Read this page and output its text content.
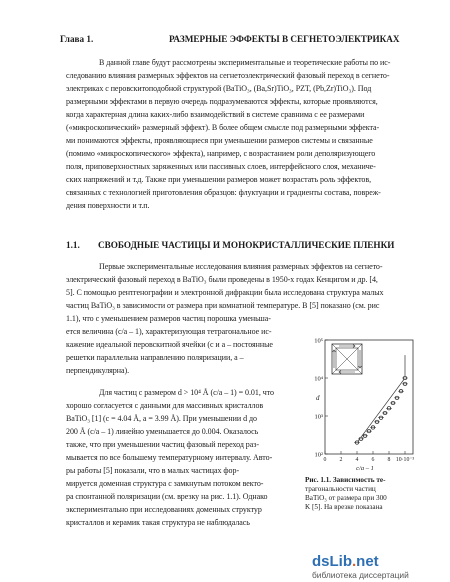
Глава 1.	РАЗМЕРНЫЕ ЭФФЕКТЫ В СЕГНЕТОЭЛЕКТРИКАХ
В данной главе будут рассмотрены экспериментальные и теоретические работы по ис-
следованию влияния размерных эффектов на сегнетоэлектрический фазовый переход в сегнето-
электриках с перовскитоподобной структурой (BaTiO₃, (Ba,Sr)TiO₃, PZT, (Pb,Zr)TiO₃). Под
размерными эффектами в первую очередь подразумеваются эффекты, которые проявляются,
когда характерная длина каких-либо взаимодействий в системе сравнима с ее размерами
(«микроскопический» размерный эффект). В более общем смысле под размерными эффекта-
ми понимаются эффекты, проявляющиеся при уменьшении размеров системы и связанные
(помимо «микроскопического» эффекта), например, с возрастанием роли деполяризующего
поля, приповерхностных заряженных или пассивных слоев, интерфейсного слоя, механиче-
ских напряжений и т.д. Также при уменьшении размеров может возрастать роль эффектов,
связанных с технологией приготовления образцов: флуктуации и градиенты состава, повреж-
дения поверхности и т.п.
1.1. СВОБОДНЫЕ ЧАСТИЦЫ И МОНОКРИСТАЛЛИЧЕСКИЕ ПЛЕНКИ
Первые экспериментальные исследования влияния размерных эффектов на сегнето-
электрический фазовый переход в BaTiO₃ были проведены в 1950-х годах Кенцигом и др. [4,
5]. С помощью рентгенографии и электронной дифракции была исследована структура малых
частиц BaTiO₃ в зависимости от размера при комнатной температуре. В [5] показано (см. рис
1.1), что с уменьшением размеров частиц порошка уменьша-
ется величина (c/a – 1), характеризующая тетрагональное ис-
кажение идеальной перовскитной ячейки (c и a – постоянные
решетки параллельна направлению поляризации, a –
перпендикулярна).
Для частиц с размером d > 10⁴ Å (c/a – 1) = 0.01, что
хорошо согласуется с данными для массивных кристаллов
BaTiO₃ [1] (c = 4.04 Å, a = 3.99 Å). При уменьшении d до
200 Å (c/a – 1) линейно уменьшается до 0.004. Оказалось
также, что при уменьшении частиц фазовый переход раз-
мывается по все большему температурному интервалу. Авто-
ры работы [5] показали, что в малых частицах фор-
мируется доменная структура с замкнутым потоком векто-
ра спонтанной поляризации (см. врезку на рис. 1.1). Однако
экспериментально при исследованиях доменных структур
кристаллов и керамик такая структура не наблюдалась
10⁵
10⁴
10³
10²
d
0 2 4 6 8 10·10⁻³
c/a – 1
Рис. 1.1. Зависимость те-
трагональности частиц
BaTiO₃ от размера при 300
K [5]. На врезке показана
dsLib.net
библиотека диссертаций
